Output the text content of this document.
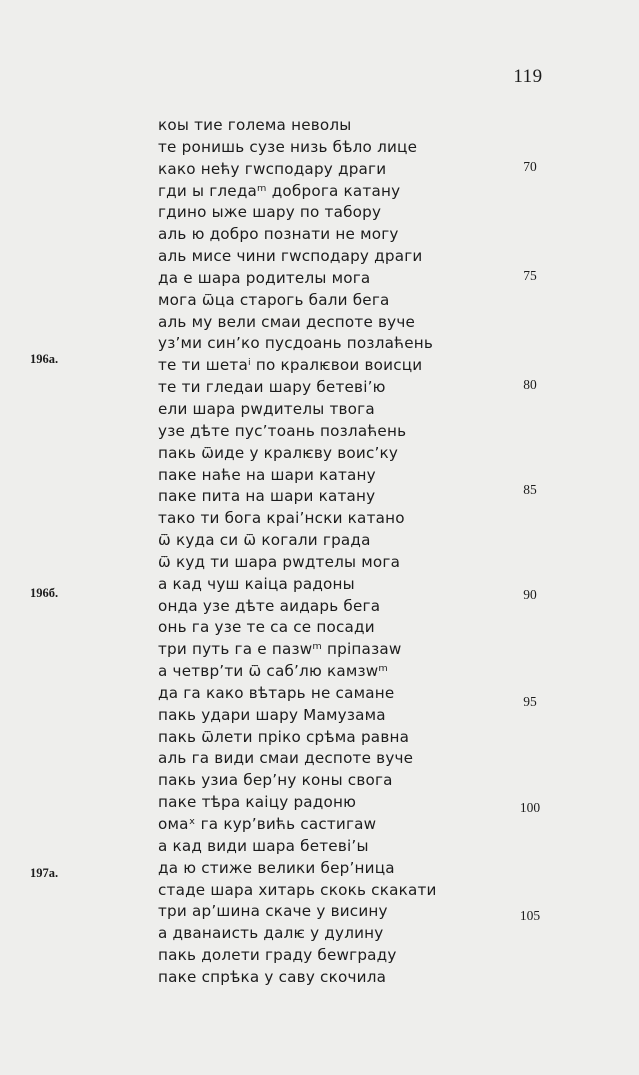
119
коы тие голема неволы
те ронишь сузе низь бѣло лице
како нећу гwсподару драги
гди ы гледаᵐ доброга катану
гдино ыже шару по табору
аль ю добро познати не могу
аль мисе чини гwсподару драги
да е шара родителы мога
мога ѿца старогь бали бега
аль му вели смаи деспоте вуче
узʼми синʼко пусдоань позлаћень
те ти шетаⁱ по кралѥвои воисци
те ти гледаи шару бетевіʼю
ели шара рwдителы твога
узе дѣте пусʼтоань позлаћень
пакь ѿиде у кралѥву воисʼку
паке наће на шари катану
паке пита на шари катану
тако ти бога краіʼнски катано
ѿ куда си ѿ когали града
ѿ куд ти шара рwдтелы мога
а кад чуш каіца радоны
онда узе дѣте аидарь бега
онь га узе те са се посади
три путь га е пазwᵐ пріпазаw
а четврʼти ѿ сабʼлю камзwᵐ
да га како вѣтарь не самане
пакь удари шару Мамузама
пакь ѿлети пріко срѣма равна
аль га види смаи деспоте вуче
пакь узиа берʼну коны свога
паке тѣра каіцу радоню
омаˣ га курʼвићь састигаw
а кад види шара бетевіʼы
да ю стиже велики берʼница
стаде шара хитарь скокь скакати
три арʼшина скаче у висину
а дванаисть далѥ у дулину
пакь долети граду беwграду
паке спрѣка у саву скочила
70
75
80
85
90
95
100
105
196а.
196б.
197а.
